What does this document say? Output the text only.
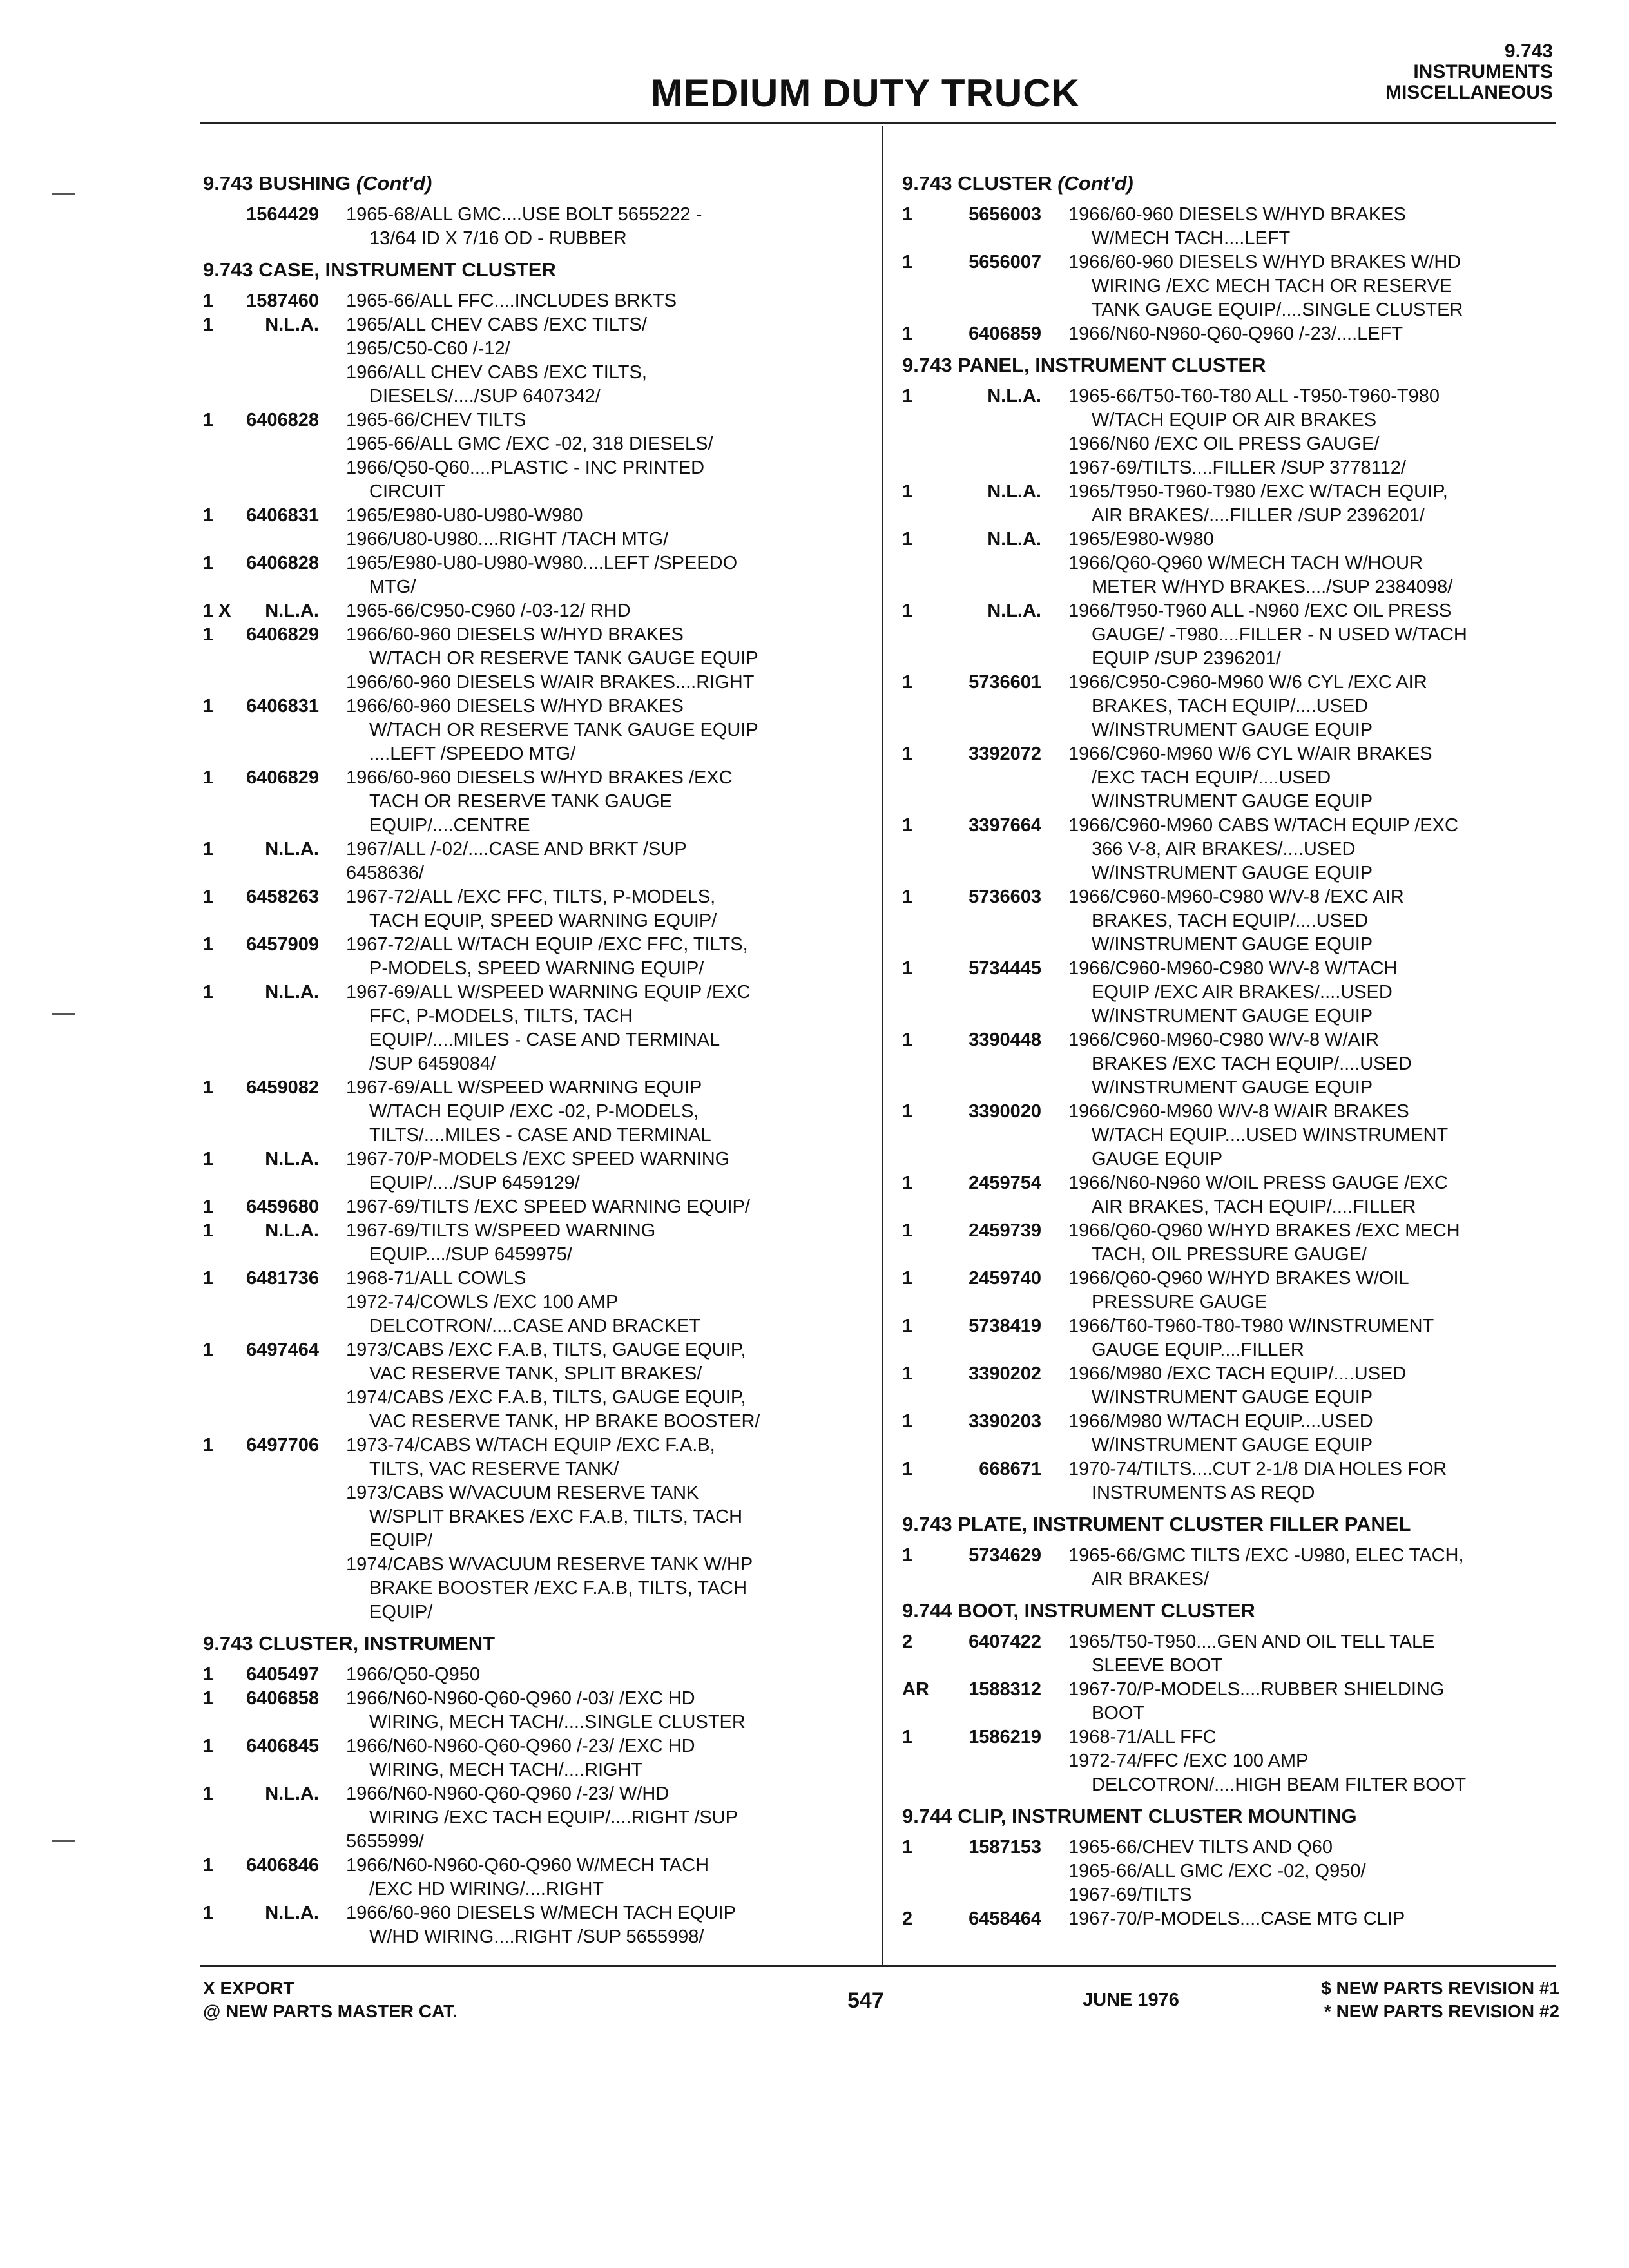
MEDIUM DUTY TRUCK
9.743
INSTRUMENTS
MISCELLANEOUS
9.743 BUSHING (Cont'd)
1564429 1965-68/ALL GMC....USE BOLT 5655222 -
13/64 ID X 7/16 OD - RUBBER
9.743 CASE, INSTRUMENT CLUSTER
1	1587460 1965-66/ALL FFC....INCLUDES BRKTS
1	N.L.A. 1965/ALL CHEV CABS /EXC TILTS/
1965/C50-C60 /-12/
1966/ALL CHEV CABS /EXC TILTS,
DIESELS/..../SUP 6407342/
1	6406828 1965-66/CHEV TILTS
1965-66/ALL GMC /EXC -02, 318 DIESELS/
1966/Q50-Q60....PLASTIC - INC PRINTED
CIRCUIT
1	6406831 1965/E980-U80-U980-W980
1966/U80-U980....RIGHT /TACH MTG/
1	6406828 1965/E980-U80-U980-W980....LEFT /SPEEDO
MTG/
1 X	N.L.A. 1965-66/C950-C960 /-03-12/ RHD
1	6406829 1966/60-960 DIESELS W/HYD BRAKES
W/TACH OR RESERVE TANK GAUGE EQUIP
1966/60-960 DIESELS W/AIR BRAKES....RIGHT
1	6406831 1966/60-960 DIESELS W/HYD BRAKES
W/TACH OR RESERVE TANK GAUGE EQUIP
....LEFT /SPEEDO MTG/
1	6406829 1966/60-960 DIESELS W/HYD BRAKES /EXC
TACH OR RESERVE TANK GAUGE
EQUIP/....CENTRE
1	N.L.A. 1967/ALL /-02/....CASE AND BRKT /SUP
6458636/
1	6458263 1967-72/ALL /EXC FFC, TILTS, P-MODELS,
TACH EQUIP, SPEED WARNING EQUIP/
1	6457909 1967-72/ALL W/TACH EQUIP /EXC FFC, TILTS,
P-MODELS, SPEED WARNING EQUIP/
1	N.L.A. 1967-69/ALL W/SPEED WARNING EQUIP /EXC
FFC, P-MODELS, TILTS, TACH
EQUIP/....MILES - CASE AND TERMINAL
/SUP 6459084/
1	6459082 1967-69/ALL W/SPEED WARNING EQUIP
W/TACH EQUIP /EXC -02, P-MODELS,
TILTS/....MILES - CASE AND TERMINAL
1	N.L.A. 1967-70/P-MODELS /EXC SPEED WARNING
EQUIP/..../SUP 6459129/
1	6459680 1967-69/TILTS /EXC SPEED WARNING EQUIP/
1	N.L.A. 1967-69/TILTS W/SPEED WARNING
EQUIP..../SUP 6459975/
1	6481736 1968-71/ALL COWLS
1972-74/COWLS /EXC 100 AMP
DELCOTRON/....CASE AND BRACKET
1	6497464 1973/CABS /EXC F.A.B, TILTS, GAUGE EQUIP,
VAC RESERVE TANK, SPLIT BRAKES/
1974/CABS /EXC F.A.B, TILTS, GAUGE EQUIP,
VAC RESERVE TANK, HP BRAKE BOOSTER/
1	6497706 1973-74/CABS W/TACH EQUIP /EXC F.A.B,
TILTS, VAC RESERVE TANK/
1973/CABS W/VACUUM RESERVE TANK
W/SPLIT BRAKES /EXC F.A.B, TILTS, TACH
EQUIP/
1974/CABS W/VACUUM RESERVE TANK W/HP
BRAKE BOOSTER /EXC F.A.B, TILTS, TACH
EQUIP/
9.743 CLUSTER, INSTRUMENT
1	6405497 1966/Q50-Q950
1	6406858 1966/N60-N960-Q60-Q960 /-03/ /EXC HD
WIRING, MECH TACH/....SINGLE CLUSTER
1	6406845 1966/N60-N960-Q60-Q960 /-23/ /EXC HD
WIRING, MECH TACH/....RIGHT
1	N.L.A. 1966/N60-N960-Q60-Q960 /-23/ W/HD
WIRING /EXC TACH EQUIP/....RIGHT /SUP
5655999/
1	6406846 1966/N60-N960-Q60-Q960 W/MECH TACH
/EXC HD WIRING/....RIGHT
1	N.L.A. 1966/60-960 DIESELS W/MECH TACH EQUIP
W/HD WIRING....RIGHT /SUP 5655998/
9.743 CLUSTER (Cont'd)
1	5656003 1966/60-960 DIESELS W/HYD BRAKES
W/MECH TACH....LEFT
1	5656007 1966/60-960 DIESELS W/HYD BRAKES W/HD
WIRING /EXC MECH TACH OR RESERVE
TANK GAUGE EQUIP/....SINGLE CLUSTER
1	6406859 1966/N60-N960-Q60-Q960 /-23/....LEFT
9.743 PANEL, INSTRUMENT CLUSTER
1	N.L.A. 1965-66/T50-T60-T80 ALL -T950-T960-T980
W/TACH EQUIP OR AIR BRAKES
1966/N60 /EXC OIL PRESS GAUGE/
1967-69/TILTS....FILLER /SUP 3778112/
1	N.L.A. 1965/T950-T960-T980 /EXC W/TACH EQUIP,
AIR BRAKES/....FILLER /SUP 2396201/
1	N.L.A. 1965/E980-W980
1966/Q60-Q960 W/MECH TACH W/HOUR
METER W/HYD BRAKES..../SUP 2384098/
1	N.L.A. 1966/T950-T960 ALL -N960 /EXC OIL PRESS
GAUGE/ -T980....FILLER - N USED W/TACH
EQUIP /SUP 2396201/
1	5736601 1966/C950-C960-M960 W/6 CYL /EXC AIR
BRAKES, TACH EQUIP/....USED
W/INSTRUMENT GAUGE EQUIP
1	3392072 1966/C960-M960 W/6 CYL W/AIR BRAKES
/EXC TACH EQUIP/....USED
W/INSTRUMENT GAUGE EQUIP
1	3397664 1966/C960-M960 CABS W/TACH EQUIP /EXC
366 V-8, AIR BRAKES/....USED
W/INSTRUMENT GAUGE EQUIP
1	5736603 1966/C960-M960-C980 W/V-8 /EXC AIR
BRAKES, TACH EQUIP/....USED
W/INSTRUMENT GAUGE EQUIP
1	5734445 1966/C960-M960-C980 W/V-8 W/TACH
EQUIP /EXC AIR BRAKES/....USED
W/INSTRUMENT GAUGE EQUIP
1	3390448 1966/C960-M960-C980 W/V-8 W/AIR
BRAKES /EXC TACH EQUIP/....USED
W/INSTRUMENT GAUGE EQUIP
1	3390020 1966/C960-M960 W/V-8 W/AIR BRAKES
W/TACH EQUIP....USED W/INSTRUMENT
GAUGE EQUIP
1	2459754 1966/N60-N960 W/OIL PRESS GAUGE /EXC
AIR BRAKES, TACH EQUIP/....FILLER
1	2459739 1966/Q60-Q960 W/HYD BRAKES /EXC MECH
TACH, OIL PRESSURE GAUGE/
1	2459740 1966/Q60-Q960 W/HYD BRAKES W/OIL
PRESSURE GAUGE
1	5738419 1966/T60-T960-T80-T980 W/INSTRUMENT
GAUGE EQUIP....FILLER
1	3390202 1966/M980 /EXC TACH EQUIP/....USED
W/INSTRUMENT GAUGE EQUIP
1	3390203 1966/M980 W/TACH EQUIP....USED
W/INSTRUMENT GAUGE EQUIP
1	668671 1970-74/TILTS....CUT 2-1/8 DIA HOLES FOR
INSTRUMENTS AS REQD
9.743 PLATE, INSTRUMENT CLUSTER FILLER PANEL
1	5734629 1965-66/GMC TILTS /EXC -U980, ELEC TACH,
AIR BRAKES/
9.744 BOOT, INSTRUMENT CLUSTER
2	6407422 1965/T50-T950....GEN AND OIL TELL TALE
SLEEVE BOOT
AR	1588312 1967-70/P-MODELS....RUBBER SHIELDING
BOOT
1	1586219 1968-71/ALL FFC
1972-74/FFC /EXC 100 AMP
DELCOTRON/....HIGH BEAM FILTER BOOT
9.744 CLIP, INSTRUMENT CLUSTER MOUNTING
1	1587153 1965-66/CHEV TILTS AND Q60
1965-66/ALL GMC /EXC -02, Q950/
1967-69/TILTS
2	6458464 1967-70/P-MODELS....CASE MTG CLIP
X EXPORT
@ NEW PARTS MASTER CAT.	547	JUNE 1976
$ NEW PARTS REVISION #1
* NEW PARTS REVISION #2
